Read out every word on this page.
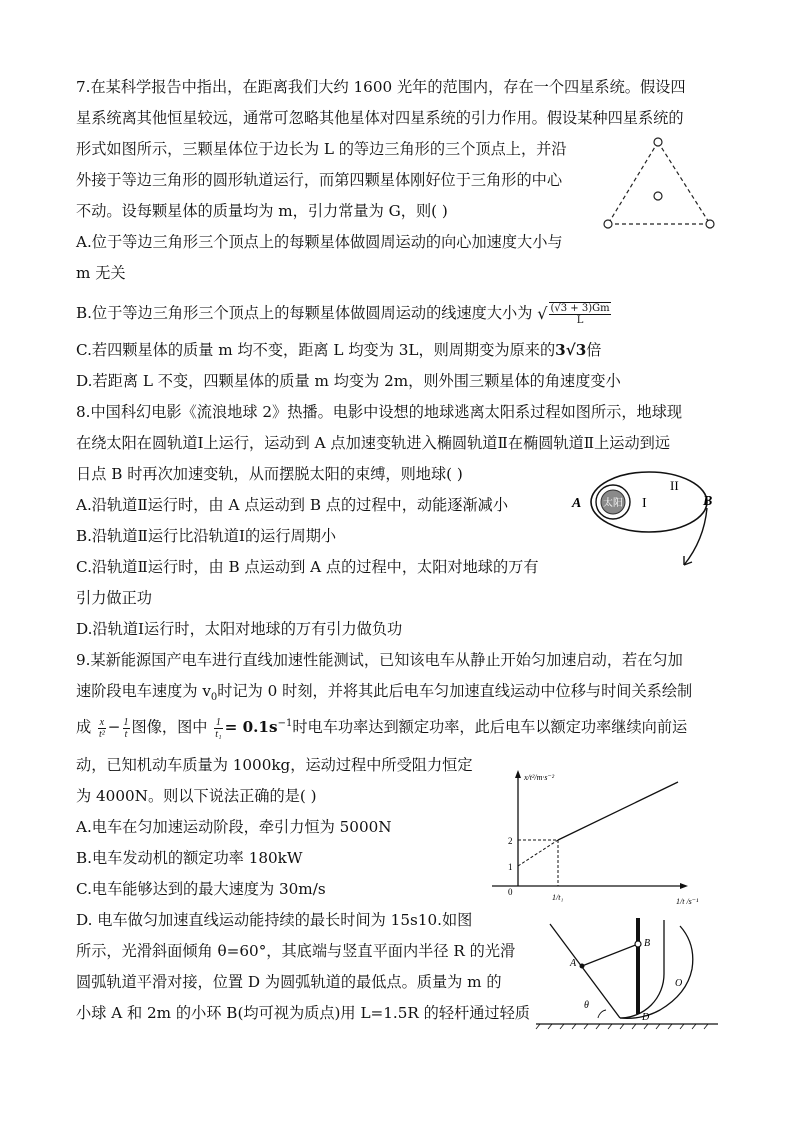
7.在某科学报告中指出，在距离我们大约 1600 光年的范围内，存在一个四星系统。假设四
星系统离其他恒星较远，通常可忽略其他星体对四星系统的引力作用。假设某种四星系统的
形式如图所示，三颗星体位于边长为 L 的等边三角形的三个顶点上，并沿
外接于等边三角形的圆形轨道运行，而第四颗星体刚好位于三角形的中心
不动。设每颗星体的质量均为 m，引力常量为 G，则( )
A.位于等边三角形三个顶点上的每颗星体做圆周运动的向心加速度大小与
m 无关
B.位于等边三角形三个顶点上的每颗星体做圆周运动的线速度大小为 √ $\frac{(√3 + 3)Gm}{L}$
C.若四颗星体的质量 m 均不变，距离 L 均变为 3L，则周期变为原来的3√3倍
D.若距离 L 不变，四颗星体的质量 m 均变为 2m，则外围三颗星体的角速度变小
8.中国科幻电影《流浪地球 2》热播。电影中设想的地球逃离太阳系过程如图所示，地球现
在绕太阳在圆轨道Ⅰ上运行，运动到 A 点加速变轨进入椭圆轨道Ⅱ在椭圆轨道Ⅱ上运动到远
日点 B 时再次加速变轨，从而摆脱太阳的束缚，则地球( )
A.沿轨道Ⅱ运行时，由 A 点运动到 B 点的过程中，动能逐渐减小
B.沿轨道Ⅱ运行比沿轨道Ⅰ的运行周期小
C.沿轨道Ⅱ运行时，由 B 点运动到 A 点的过程中，太阳对地球的万有
引力做正功
D.沿轨道Ⅰ运行时，太阳对地球的万有引力做负功
太阳 I
II
A	B
9.某新能源国产电车进行直线加速性能测试，已知该电车从静止开始匀加速启动，若在匀加
速阶段电车速度为 $v_0$时记为 0 时刻，并将其此后电车匀加速直线运动中位移与时间关系绘制
成 $\frac{x}{\text{t²}} - \frac{1}{t}$ 图像，图中 $\frac{1}{\text{t₁}} = 0.1s^{-1}$时电车功率达到额定功率，此后电车以额定功率继续向前运
动，已知机动车质量为 1000kg，运动过程中所受阻力恒定
为 4000N。则以下说法正确的是( )
A.电车在匀加速运动阶段，牵引力恒为 5000N
B.电车发动机的额定功率 180kW
C.电车能够达到的最大速度为 30m/s
D. 电车做匀加速直线运动能持续的最长时间为 15s10.如图
x/t²/m·s⁻²
2
1
0
1/t₁	1/t /s⁻¹
所示，光滑斜面倾角 θ=60°，其底端与竖直平面内半径 R 的光滑
圆弧轨道平滑对接，位置 D 为圆弧轨道的最低点。质量为 m 的
小球 A 和 2m 的小环 B(均可视为质点)用 L=1.5R 的轻杆通过轻质
A
B
O
D
θ
